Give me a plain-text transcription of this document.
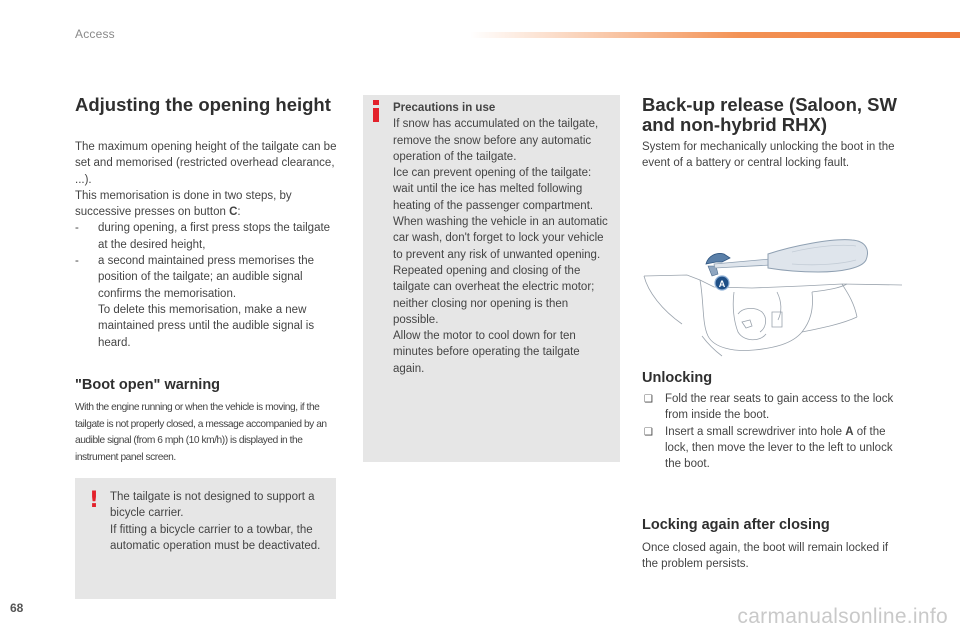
Access
Adjusting the opening height

The maximum opening height of the tailgate can be set and memorised (restricted overhead clearance, ...).

This memorisation is done in two steps, by successive presses on button C:

- during opening, a first press stops the tailgate at the desired height,
- a second maintained press memorises the position of the tailgate; an audible signal confirms the memorisation.
To delete this memorisation, make a new maintained press until the audible signal is heard.
"Boot open" warning
With the engine running or when the vehicle is moving, if the tailgate is not properly closed, a message accompanied by an audible signal (from 6 mph (10 km/h)) is displayed in the instrument panel screen.
! The tailgate is not designed to support a bicycle carrier.

If fitting a bicycle carrier to a towbar, the automatic operation must be deactivated.

Precautions in use

If snow has accumulated on the tailgate, remove the snow before any automatic operation of the tailgate.

Ice can prevent opening of the tailgate: wait until the ice has melted following heating of the passenger compartment.

When washing the vehicle in an automatic car wash, don't forget to lock your vehicle to prevent any risk of unwanted opening.

Repeated opening and closing of the tailgate can overheat the electric motor; neither closing nor opening is then possible.

Allow the motor to cool down for ten minutes before operating the tailgate again.

Back-up release (Saloon, SW and non-hybrid RHX)

System for mechanically unlocking the boot in the event of a battery or central locking fault.

Unlocking
❑ Fold the rear seats to gain access to the lock from inside the boot.
❑ Insert a small screwdriver into hole A of the lock, then move the lever to the left to unlock the boot.
Locking again after closing

Once closed again, the boot will remain locked if the problem persists.

A
68	carmanualsonline.info
